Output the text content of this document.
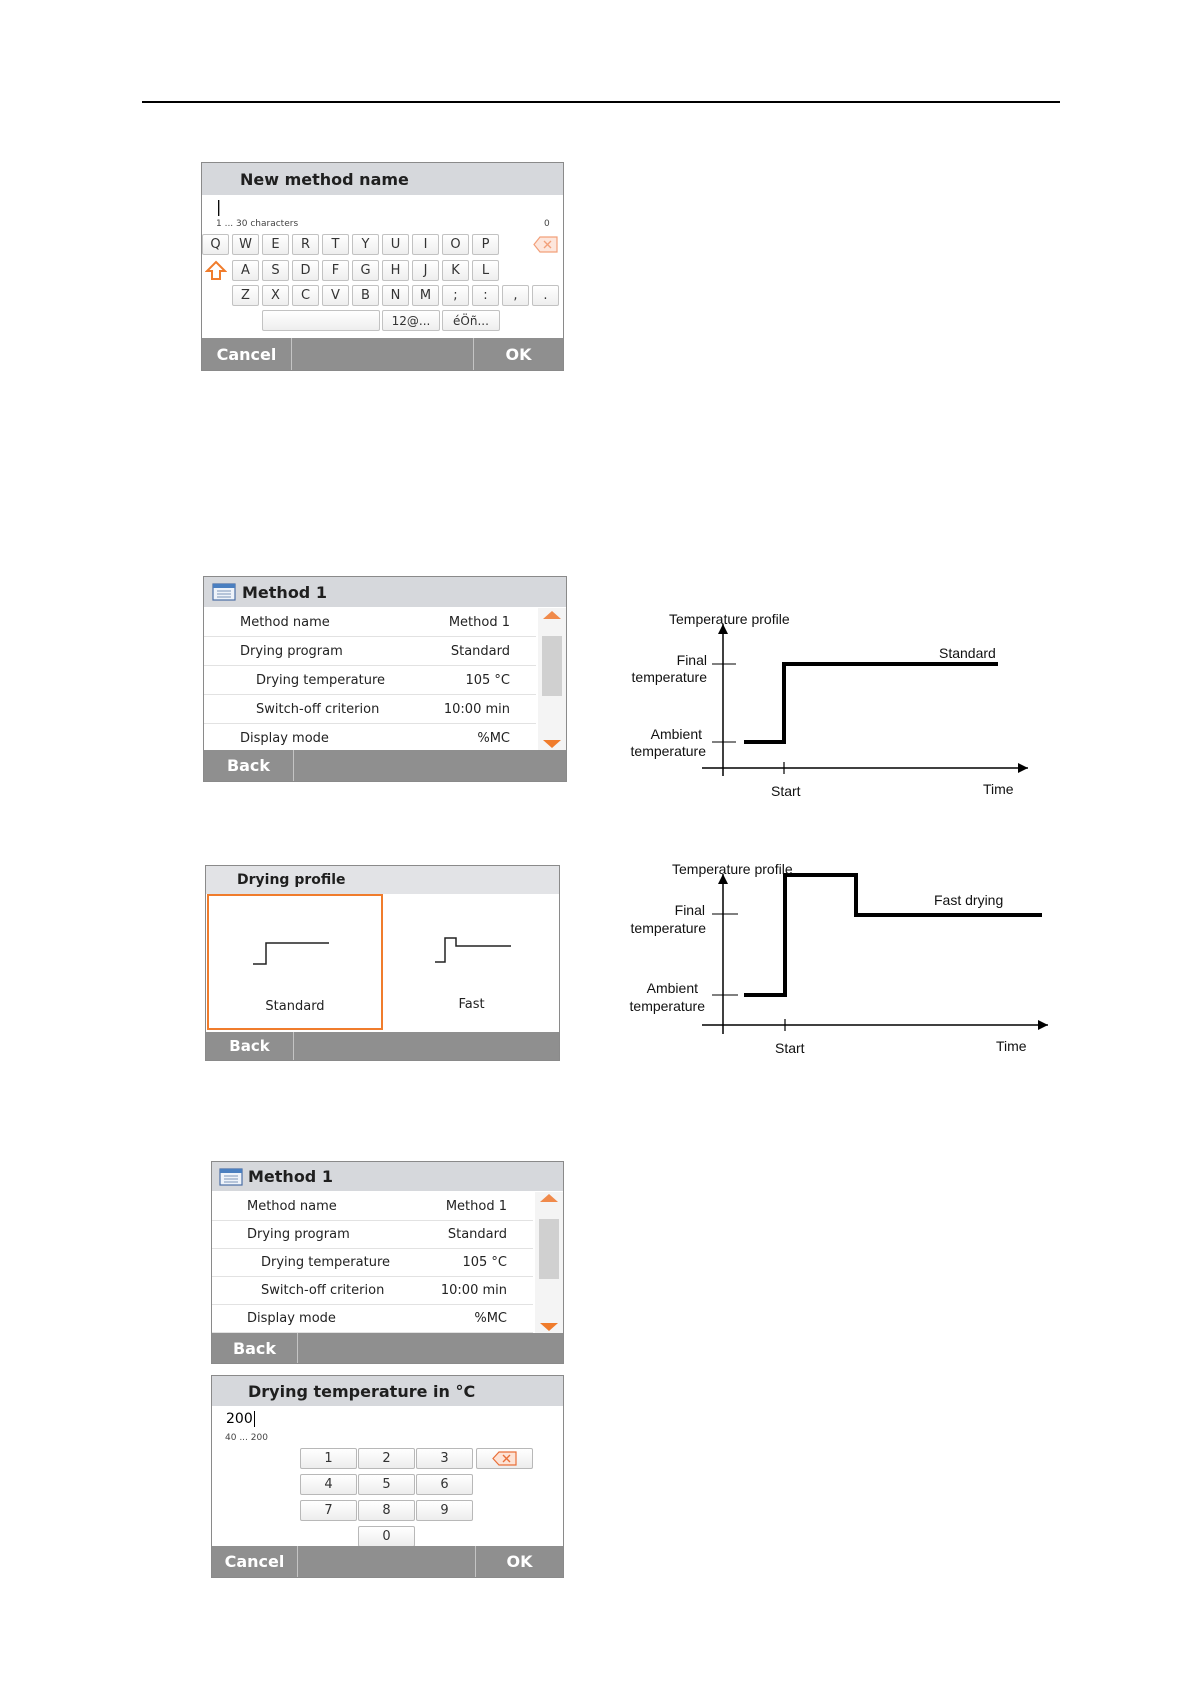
New method name
|
1 ... 30 characters	0
Q	W	E	R	T	Y	U	I	O	P
A	S	D	F	G	H	J	K	L
Z	X	C	V	B	N	M	;	:	,	.
12@...	éÖñ...
Cancel	OK
Method 1
Method name	Method 1
Drying program	Standard
Drying temperature	105 °C
Switch-off criterion	10:00 min
Display mode	%MC
Back
Temperature profile
Final
temperature
Ambient
temperature
Start	Time
Standard
Drying profile
Standard	Fast
Back
Temperature profile
Final
temperature
Ambient
temperature
Start	Time
Fast drying
Method 1
Method name	Method 1
Drying program	Standard
Drying temperature	105 °C
Switch-off criterion	10:00 min
Display mode	%MC
Back
Drying temperature in °C
200
40 ... 200
1	2	3
4	5	6
7	8	9
0
Cancel	OK
